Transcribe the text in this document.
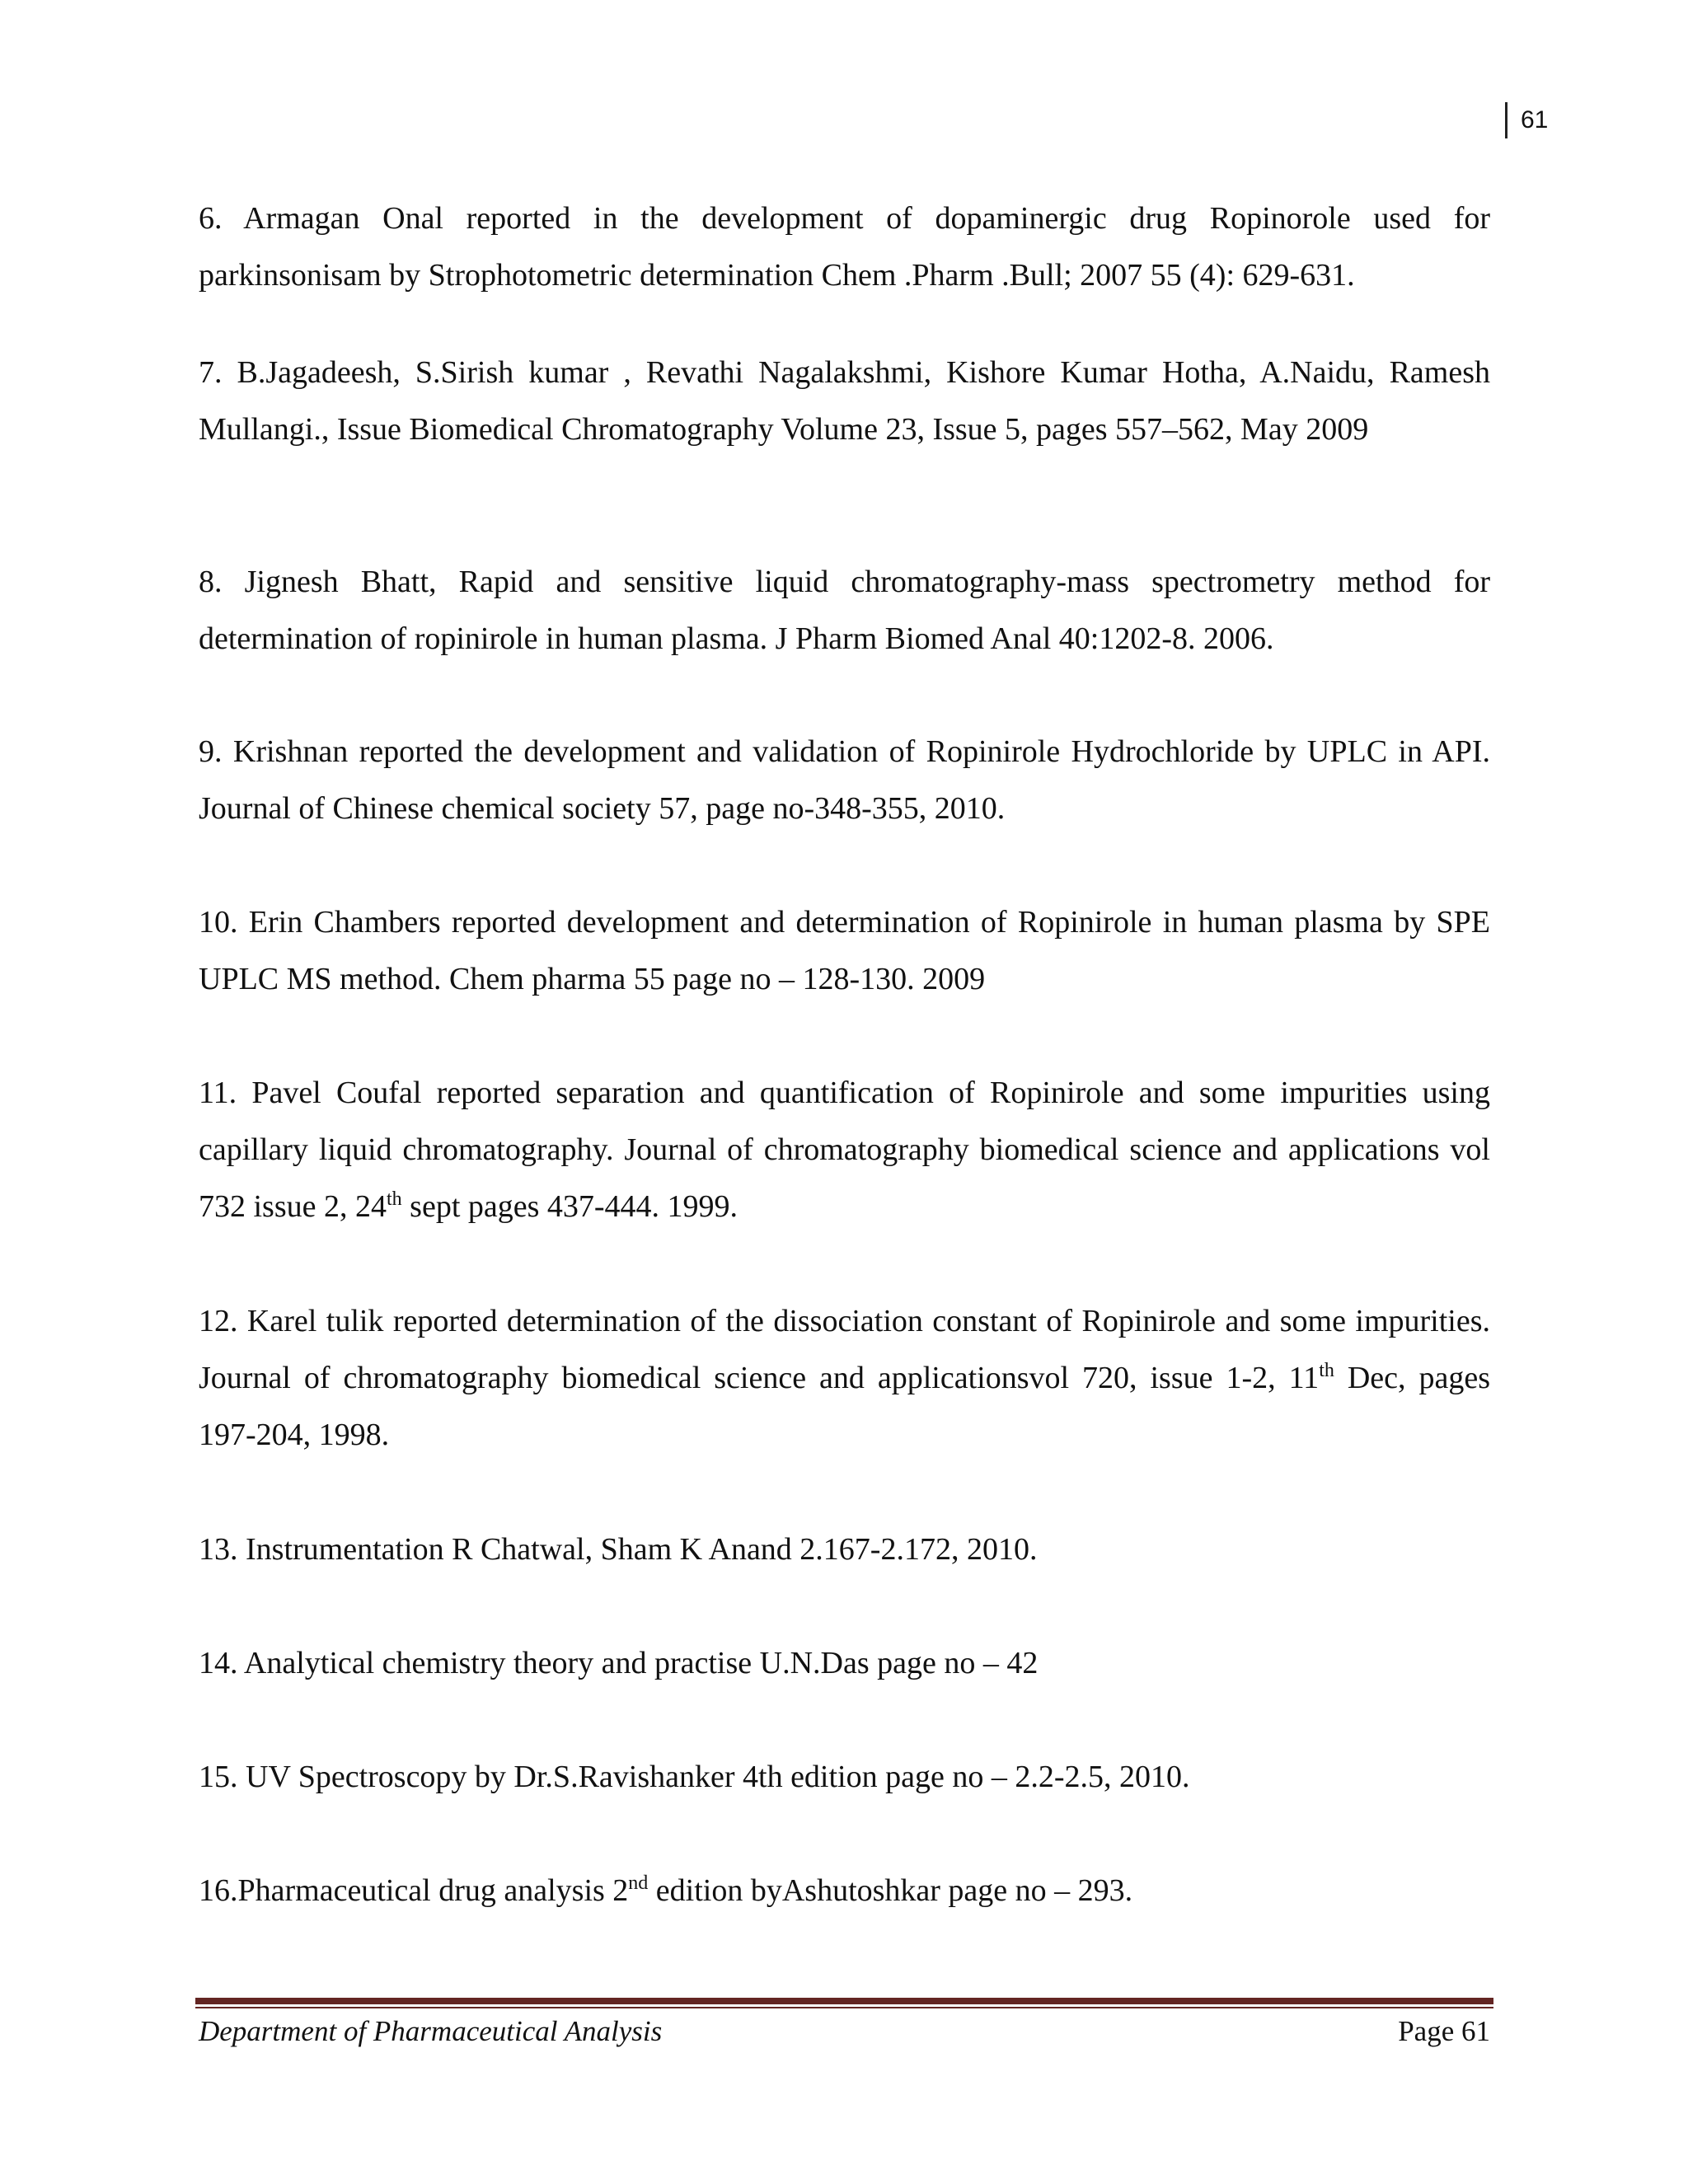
61

6. Armagan Onal reported in the development of dopaminergic drug Ropinorole used for parkinsonisam by Strophotometric determination Chem .Pharm .Bull; 2007 55 (4): 629-631.

7. B.Jagadeesh, S.Sirish kumar , Revathi Nagalakshmi, Kishore Kumar Hotha, A.Naidu, Ramesh Mullangi., Issue Biomedical Chromatography Volume 23, Issue 5, pages 557–562, May 2009

8. Jignesh Bhatt, Rapid and sensitive liquid chromatography-mass spectrometry method for determination of ropinirole in human plasma. J Pharm Biomed Anal 40:1202-8. 2006.

9. Krishnan reported the development and validation of Ropinirole Hydrochloride by UPLC in API. Journal of Chinese chemical society 57, page no-348-355, 2010.

10. Erin Chambers reported development and determination of Ropinirole in human plasma by SPE UPLC MS method. Chem pharma 55 page no – 128-130. 2009

11. Pavel Coufal reported separation and quantification of Ropinirole and some impurities using capillary liquid chromatography. Journal of chromatography biomedical science and applications vol 732 issue 2, 24th sept pages 437-444. 1999.

12. Karel tulik reported determination of the dissociation constant of Ropinirole and some impurities. Journal of chromatography biomedical science and applicationsvol 720, issue 1-2, 11th Dec, pages 197-204, 1998.

13. Instrumentation R Chatwal, Sham K Anand 2.167-2.172, 2010.

14. Analytical chemistry theory and practise U.N.Das page no – 42

15. UV Spectroscopy by Dr.S.Ravishanker 4th edition page no – 2.2-2.5, 2010.

16.Pharmaceutical drug analysis 2nd edition byAshutoshkar page no – 293.

Department of Pharmaceutical Analysis	Page 61
